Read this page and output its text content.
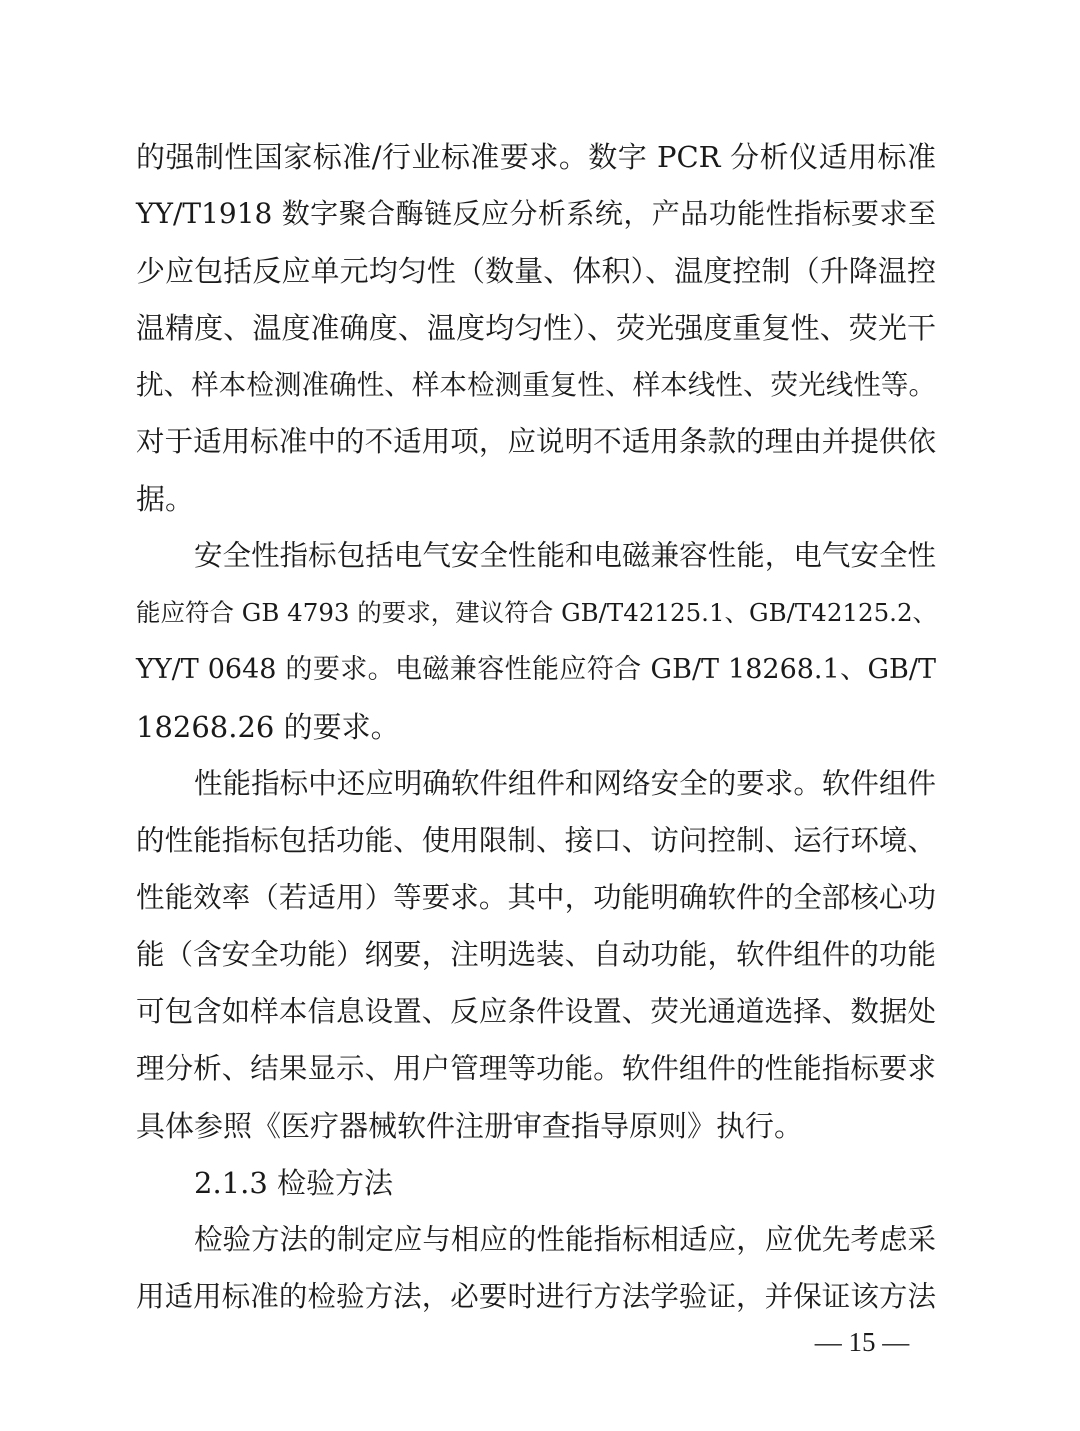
的强制性国家标准/行业标准要求。数字 PCR 分析仪适用标准
YY/T1918 数字聚合酶链反应分析系统，产品功能性指标要求至
少应包括反应单元均匀性（数量、体积）、温度控制（升降温控
温精度、温度准确度、温度均匀性）、荧光强度重复性、荧光干
扰、样本检测准确性、样本检测重复性、样本线性、荧光线性等。
对于适用标准中的不适用项，应说明不适用条款的理由并提供依
据。
安全性指标包括电气安全性能和电磁兼容性能，电气安全性
能应符合 GB 4793 的要求，建议符合 GB/T42125.1、GB/T42125.2、
YY/T 0648 的要求。电磁兼容性能应符合 GB/T 18268.1、GB/T
18268.26 的要求。
性能指标中还应明确软件组件和网络安全的要求。软件组件
的性能指标包括功能、使用限制、接口、访问控制、运行环境、
性能效率（若适用）等要求。其中，功能明确软件的全部核心功
能（含安全功能）纲要，注明选装、自动功能，软件组件的功能
可包含如样本信息设置、反应条件设置、荧光通道选择、数据处
理分析、结果显示、用户管理等功能。软件组件的性能指标要求
具体参照《医疗器械软件注册审查指导原则》执行。
2.1.3 检验方法
检验方法的制定应与相应的性能指标相适应，应优先考虑采
用适用标准的检验方法，必要时进行方法学验证，并保证该方法
— 15 —
